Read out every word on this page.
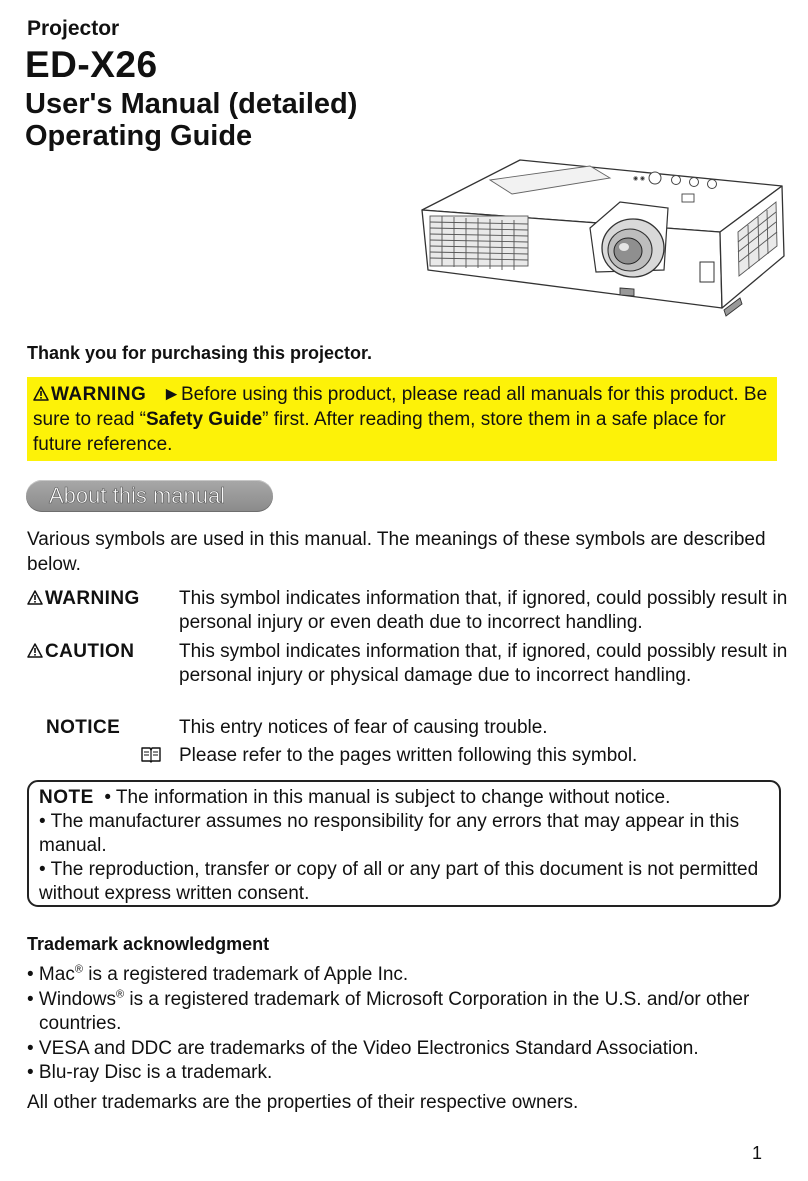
Projector
ED-X26
User's Manual (detailed)
Operating Guide
◉ ◉
Thank you for purchasing this projector.
WARNING ►Before using this product, please read all manuals for this product. Be sure to read “Safety Guide” first. After reading them, store them in a safe place for future reference.
About this manual
Various symbols are used in this manual. The meanings of these symbols are described below.
WARNING This symbol indicates information that, if ignored, could possibly result in personal injury or even death due to incorrect handling.
CAUTION This symbol indicates information that, if ignored, could possibly result in personal injury or physical damage due to incorrect handling.
NOTICE	This entry notices of fear of causing trouble.
Please refer to the pages written following this symbol.
NOTE • The information in this manual is subject to change without notice.
• The manufacturer assumes no responsibility for any errors that may appear in this manual.
• The reproduction, transfer or copy of all or any part of this document is not permitted without express written consent.
Trademark acknowledgment
• Mac® is a registered trademark of Apple Inc.
• Windows® is a registered trademark of Microsoft Corporation in the U.S. and/or other countries.
• VESA and DDC are trademarks of the Video Electronics Standard Association.
• Blu-ray Disc is a trademark.
All other trademarks are the properties of their respective owners.
1
